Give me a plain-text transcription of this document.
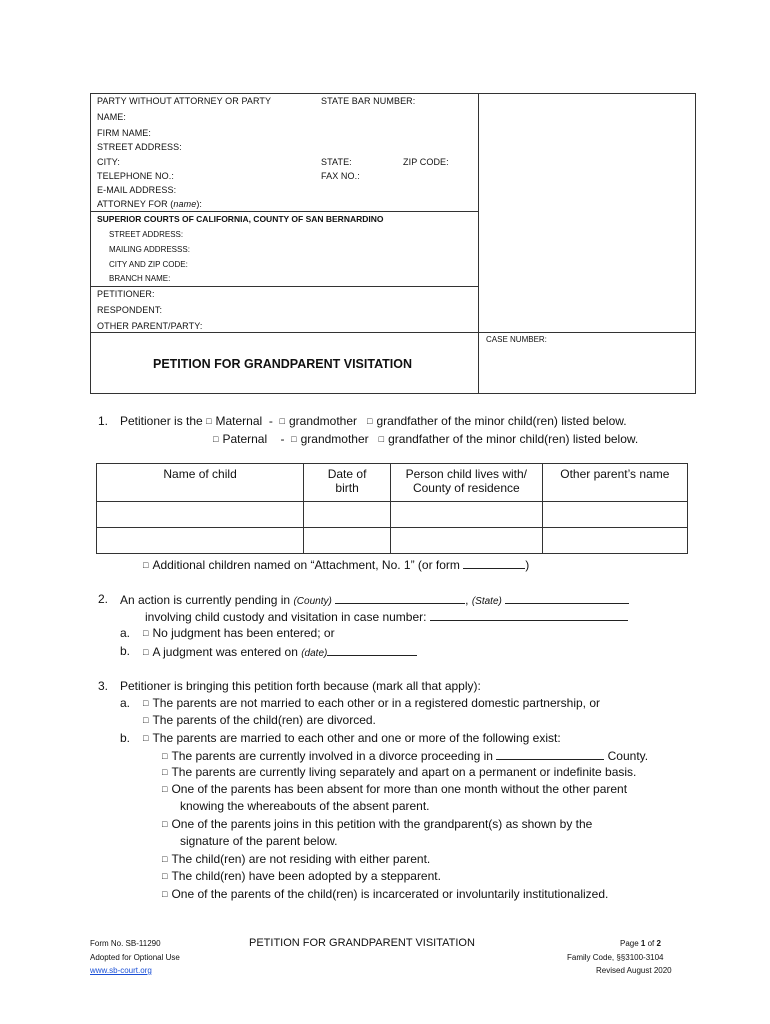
PARTY WITHOUT ATTORNEY OR PARTY	STATE BAR NUMBER:
NAME:
FIRM NAME:
STREET ADDRESS:
CITY:	STATE:	ZIP CODE:
TELEPHONE NO.:	FAX NO.:
E-MAIL ADDRESS:
ATTORNEY FOR (name):
SUPERIOR COURTS OF CALIFORNIA, COUNTY OF SAN BERNARDINO
STREET ADDRESS:
MAILING ADDRESSS:
CITY AND ZIP CODE:
BRANCH NAME:
PETITIONER:
RESPONDENT:
OTHER PARENT/PARTY:
CASE NUMBER:
PETITION FOR GRANDPARENT VISITATION
1. Petitioner is the □ Maternal - □ grandmother □ grandfather of the minor child(ren) listed below.
□ Paternal - □ grandmother □ grandfather of the minor child(ren) listed below.
Name of child	Date of birth	Person child lives with/ County of residence	Other parent’s name

□ Additional children named on “Attachment, No. 1” (or form	)
2. An action is currently pending in (County)	, (State)
involving child custody and visitation in case number:
a. □ No judgment has been entered; or
b. □ A judgment was entered on (date)
3. Petitioner is bringing this petition forth because (mark all that apply):
a. □ The parents are not married to each other or in a registered domestic partnership, or
□ The parents of the child(ren) are divorced.
b. □ The parents are married to each other and one or more of the following exist:
□ The parents are currently involved in a divorce proceeding in	County.
□ The parents are currently living separately and apart on a permanent or indefinite basis.
□ One of the parents has been absent for more than one month without the other parent
knowing the whereabouts of the absent parent.
□ One of the parents joins in this petition with the grandparent(s) as shown by the
signature of the parent below.
□ The child(ren) are not residing with either parent.
□ The child(ren) have been adopted by a stepparent.
□ One of the parents of the child(ren) is incarcerated or involuntarily institutionalized.
Form No. SB-11290
Adopted for Optional Use
www.sb-court.org
PETITION FOR GRANDPARENT VISITATION	Page 1 of 2
Family Code, §§3100-3104
Revised August 2020
